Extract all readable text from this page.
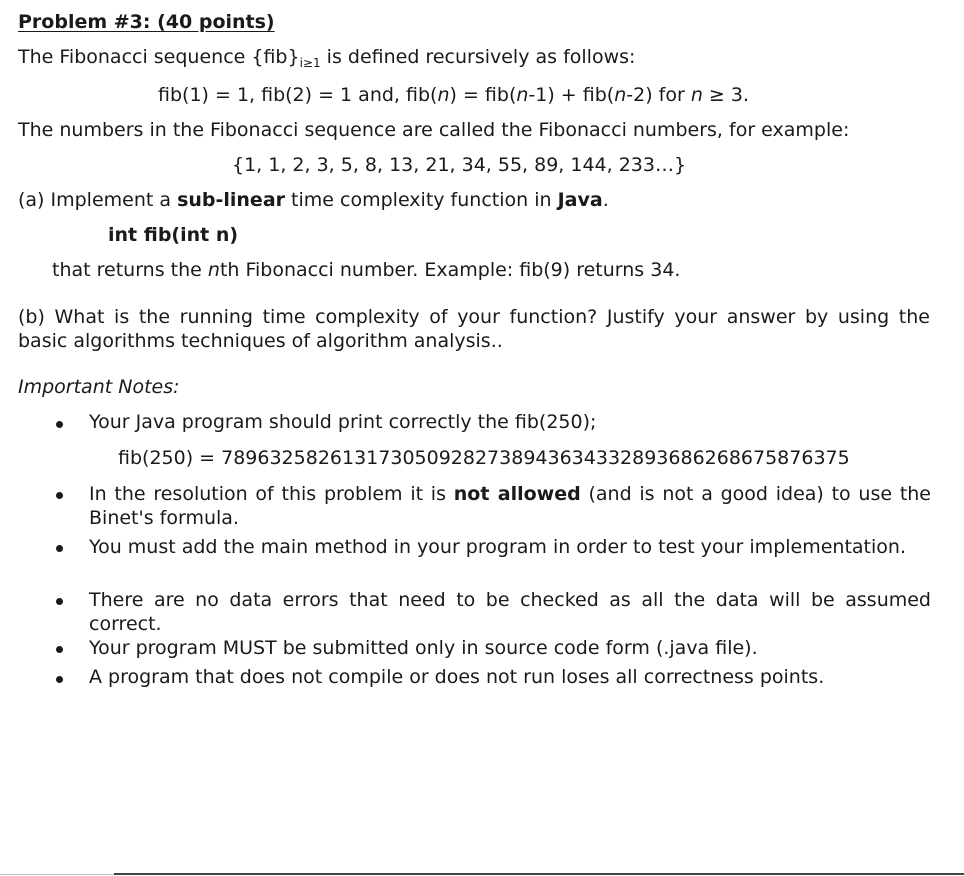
Problem #3: (40 points)
The Fibonacci sequence $\{fib\}_{i\ge 1}$ is defined recursively as follows:
fib(1) = 1, fib(2) = 1 and, fib(n) = fib(n-1) + fib(n-2) for n ≥ 3.
The numbers in the Fibonacci sequence are called the Fibonacci numbers, for example:
{1, 1, 2, 3, 5, 8, 13, 21, 34, 55, 89, 144, 233…}
(a) Implement a sub-linear time complexity function in Java.
int fib(int n)
that returns the nth Fibonacci number. Example: fib(9) returns 34.
(b) What is the running time complexity of your function? Justify your answer by using the basic algorithms techniques of algorithm analysis..
Important Notes:
Your Java program should print correctly the fib(250);
fib(250) = 7896325826131730509282738943634332893686268675876375
In the resolution of this problem it is not allowed (and is not a good idea) to use the Binet's formula.
You must add the main method in your program in order to test your implementation.
There are no data errors that need to be checked as all the data will be assumed correct.
Your program MUST be submitted only in source code form (.java file).
A program that does not compile or does not run loses all correctness points.
